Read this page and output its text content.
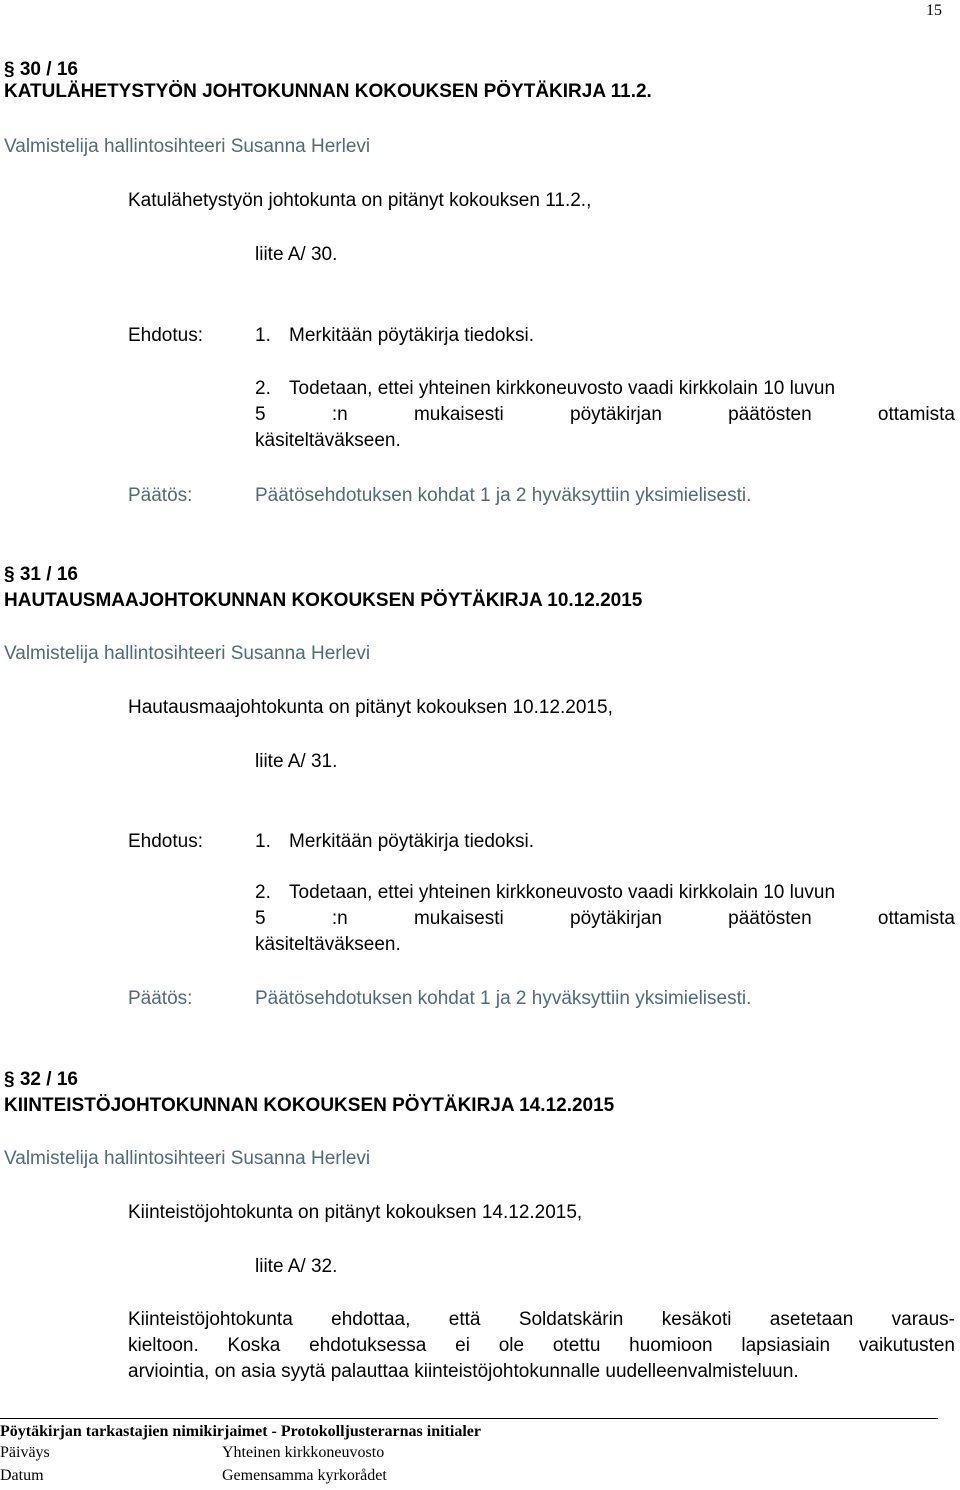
15
§ 30 / 16
KATULÄHETYSTYÖN JOHTOKUNNAN KOKOUKSEN PÖYTÄKIRJA 11.2.
Valmistelija hallintosihteeri Susanna Herlevi
Katulähetystyön johtokunta on pitänyt kokouksen 11.2.,
liite A/ 30.
Ehdotus:	1. Merkitään pöytäkirja tiedoksi.
2. Todetaan, ettei yhteinen kirkkoneuvosto vaadi kirkkolain 10 luvun
5 :n mukaisesti pöytäkirjan päätösten ottamista
käsiteltäväkseen.
Päätös:	Päätösehdotuksen kohdat 1 ja 2 hyväksyttiin yksimielisesti.
§ 31 / 16
HAUTAUSMAAJOHTOKUNNAN KOKOUKSEN PÖYTÄKIRJA 10.12.2015
Valmistelija hallintosihteeri Susanna Herlevi
Hautausmaajohtokunta on pitänyt kokouksen 10.12.2015,
liite A/ 31.
Ehdotus:	1. Merkitään pöytäkirja tiedoksi.
2. Todetaan, ettei yhteinen kirkkoneuvosto vaadi kirkkolain 10 luvun
5 :n mukaisesti pöytäkirjan päätösten ottamista
käsiteltäväkseen.
Päätös:	Päätösehdotuksen kohdat 1 ja 2 hyväksyttiin yksimielisesti.
§ 32 / 16
KIINTEISTÖJOHTOKUNNAN KOKOUKSEN PÖYTÄKIRJA 14.12.2015
Valmistelija hallintosihteeri Susanna Herlevi
Kiinteistöjohtokunta on pitänyt kokouksen 14.12.2015,
liite A/ 32.
Kiinteistöjohtokunta ehdottaa, että Soldatskärin kesäkoti asetetaan varaus-
kieltoon. Koska ehdotuksessa ei ole otettu huomioon lapsiasiain vaikutusten
arviointia, on asia syytä palauttaa kiinteistöjohtokunnalle uudelleenvalmisteluun.
Pöytäkirjan tarkastajien nimikirjaimet - Protokolljusterarnas initialer
Päiväys	Yhteinen kirkkoneuvosto
Datum	Gemensamma kyrkorådet
